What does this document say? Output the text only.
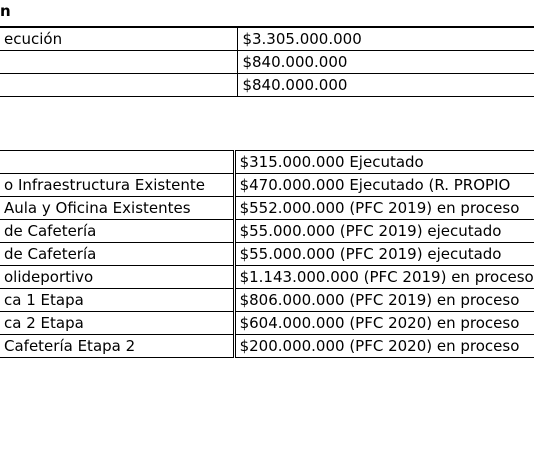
n
ecución	$3.305.000.000
	$840.000.000
	$840.000.000
	$315.000.000 Ejecutado
o Infraestructura Existente	$470.000.000 Ejecutado (R. PROPIO
Aula y Oficina Existentes	$552.000.000 (PFC 2019) en proceso
de Cafetería	$55.000.000 (PFC 2019) ejecutado
de Cafetería	$55.000.000 (PFC 2019) ejecutado
olideportivo	$1.143.000.000 (PFC 2019) en proceso
ca 1 Etapa	$806.000.000 (PFC 2019) en proceso
ca 2 Etapa	$604.000.000 (PFC 2020) en proceso
Cafetería Etapa 2	$200.000.000 (PFC 2020) en proceso
